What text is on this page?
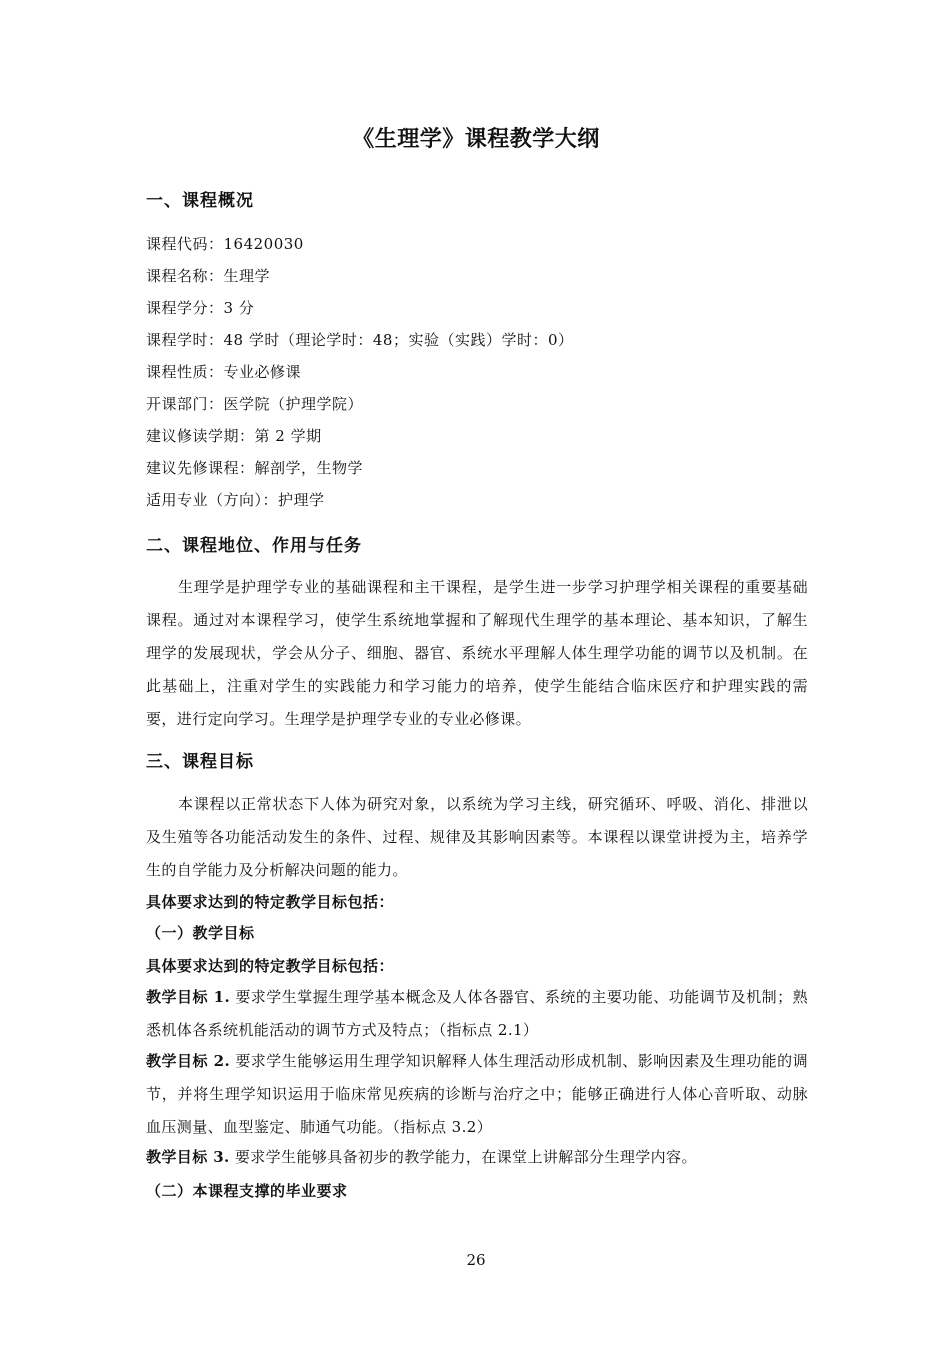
《生理学》课程教学大纲
一、课程概况
课程代码：16420030
课程名称：生理学
课程学分：3 分
课程学时：48 学时（理论学时：48；实验（实践）学时：0）
课程性质：专业必修课
开课部门：医学院（护理学院）
建议修读学期：第 2 学期
建议先修课程：解剖学，生物学
适用专业（方向）：护理学
二、课程地位、作用与任务
生理学是护理学专业的基础课程和主干课程，是学生进一步学习护理学相关课程的重要基础课程。通过对本课程学习，使学生系统地掌握和了解现代生理学的基本理论、基本知识，了解生理学的发展现状，学会从分子、细胞、器官、系统水平理解人体生理学功能的调节以及机制。在此基础上，注重对学生的实践能力和学习能力的培养，使学生能结合临床医疗和护理实践的需要，进行定向学习。生理学是护理学专业的专业必修课。
三、课程目标
本课程以正常状态下人体为研究对象，以系统为学习主线，研究循环、呼吸、消化、排泄以及生殖等各功能活动发生的条件、过程、规律及其影响因素等。本课程以课堂讲授为主，培养学生的自学能力及分析解决问题的能力。
具体要求达到的特定教学目标包括：
（一）教学目标
具体要求达到的特定教学目标包括：
教学目标 1. 要求学生掌握生理学基本概念及人体各器官、系统的主要功能、功能调节及机制；熟悉机体各系统机能活动的调节方式及特点；（指标点 2.1）
教学目标 2. 要求学生能够运用生理学知识解释人体生理活动形成机制、影响因素及生理功能的调节，并将生理学知识运用于临床常见疾病的诊断与治疗之中；能够正确进行人体心音听取、动脉血压测量、血型鉴定、肺通气功能。（指标点 3.2）
教学目标 3. 要求学生能够具备初步的教学能力，在课堂上讲解部分生理学内容。
（二）本课程支撑的毕业要求
26
